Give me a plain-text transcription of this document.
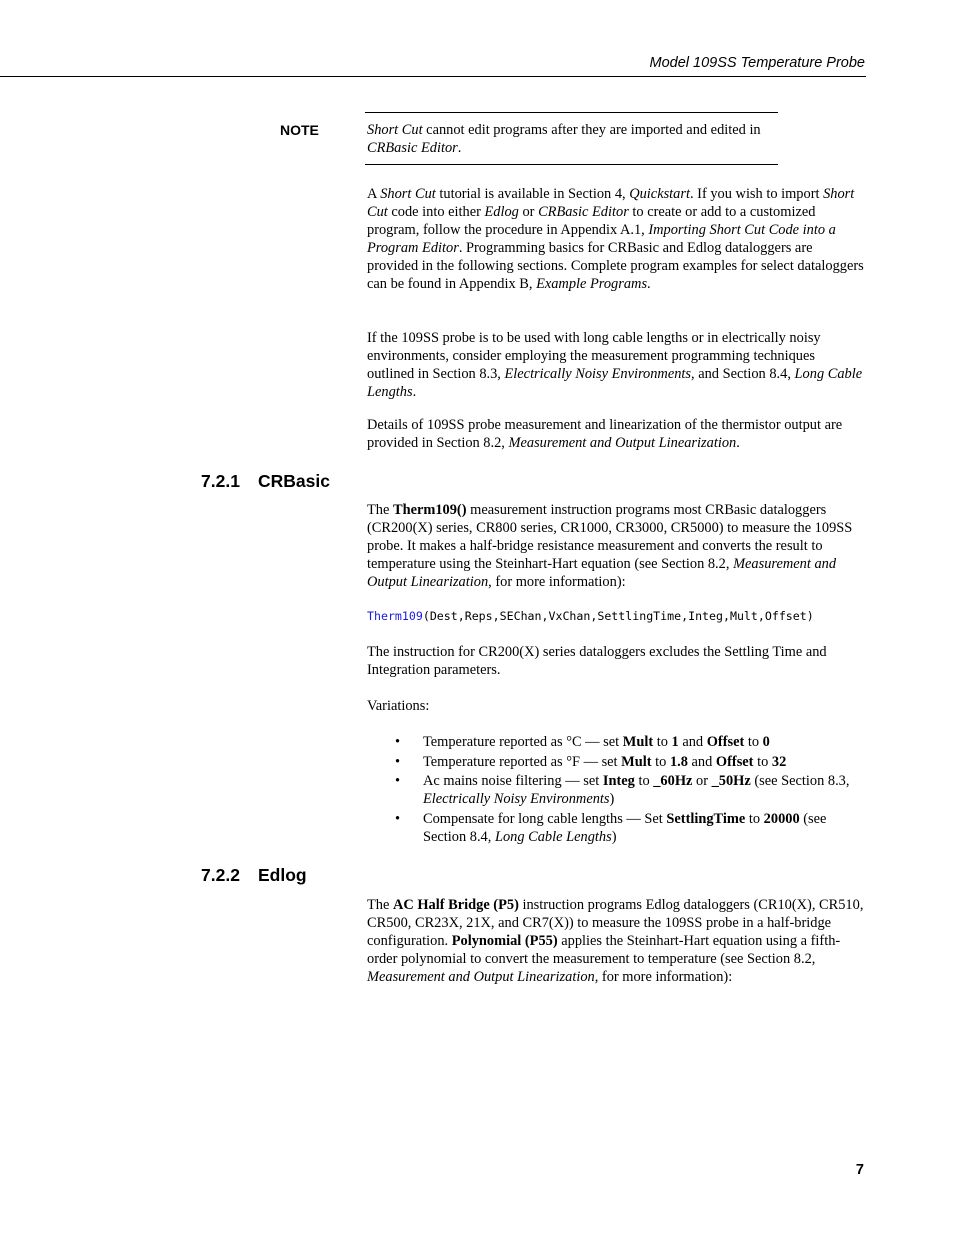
Model 109SS Temperature Probe
NOTE	Short Cut cannot edit programs after they are imported and edited in CRBasic Editor.
A Short Cut tutorial is available in Section 4, Quickstart. If you wish to import Short Cut code into either Edlog or CRBasic Editor to create or add to a customized program, follow the procedure in Appendix A.1, Importing Short Cut Code into a Program Editor. Programming basics for CRBasic and Edlog dataloggers are provided in the following sections. Complete program examples for select dataloggers can be found in Appendix B, Example Programs.
If the 109SS probe is to be used with long cable lengths or in electrically noisy environments, consider employing the measurement programming techniques outlined in Section 8.3, Electrically Noisy Environments, and Section 8.4, Long Cable Lengths.
Details of 109SS probe measurement and linearization of the thermistor output are provided in Section 8.2, Measurement and Output Linearization.
7.2.1 CRBasic
The Therm109() measurement instruction programs most CRBasic dataloggers (CR200(X) series, CR800 series, CR1000, CR3000, CR5000) to measure the 109SS probe. It makes a half-bridge resistance measurement and converts the result to temperature using the Steinhart-Hart equation (see Section 8.2, Measurement and Output Linearization, for more information):
Therm109(Dest,Reps,SEChan,VxChan,SettlingTime,Integ,Mult,Offset)
The instruction for CR200(X) series dataloggers excludes the Settling Time and Integration parameters.
Variations:
• Temperature reported as °C — set Mult to 1 and Offset to 0
• Temperature reported as °F — set Mult to 1.8 and Offset to 32
• Ac mains noise filtering — set Integ to _60Hz or _50Hz (see Section 8.3, Electrically Noisy Environments)
• Compensate for long cable lengths — Set SettlingTime to 20000 (see Section 8.4, Long Cable Lengths)
7.2.2 Edlog
The AC Half Bridge (P5) instruction programs Edlog dataloggers (CR10(X), CR510, CR500, CR23X, 21X, and CR7(X)) to measure the 109SS probe in a half-bridge configuration. Polynomial (P55) applies the Steinhart-Hart equation using a fifth-order polynomial to convert the measurement to temperature (see Section 8.2, Measurement and Output Linearization, for more information):
7
